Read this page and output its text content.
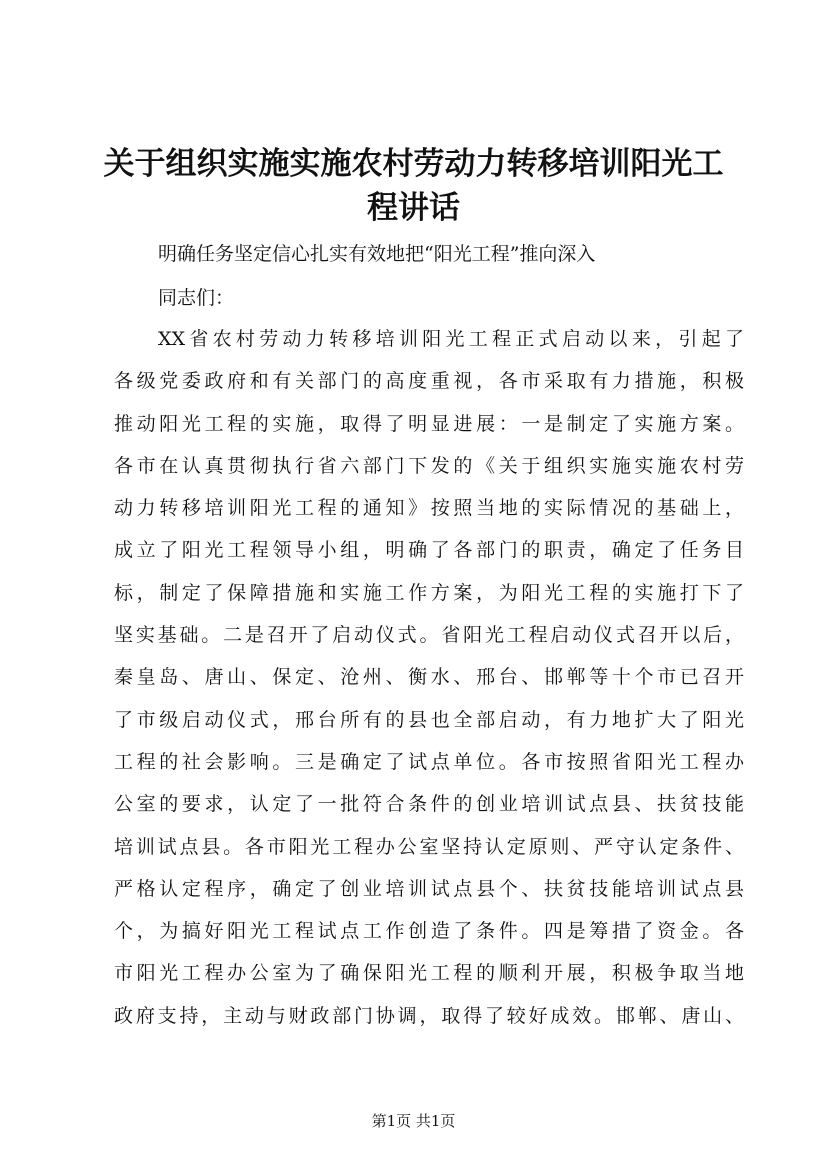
关于组织实施实施农村劳动力转移培训阳光工程讲话

明确任务坚定信心扎实有效地把“阳光工程”推向深入

同志们：

XX省农村劳动力转移培训阳光工程正式启动以来，引起了
各级党委政府和有关部门的高度重视，各市采取有力措施，积极
推动阳光工程的实施，取得了明显进展：一是制定了实施方案。
各市在认真贯彻执行省六部门下发的《关于组织实施实施农村劳
动力转移培训阳光工程的通知》按照当地的实际情况的基础上，
成立了阳光工程领导小组，明确了各部门的职责，确定了任务目
标，制定了保障措施和实施工作方案，为阳光工程的实施打下了
坚实基础。二是召开了启动仪式。省阳光工程启动仪式召开以后，
秦皇岛、唐山、保定、沧州、衡水、邢台、邯郸等十个市已召开
了市级启动仪式，邢台所有的县也全部启动，有力地扩大了阳光
工程的社会影响。三是确定了试点单位。各市按照省阳光工程办
公室的要求，认定了一批符合条件的创业培训试点县、扶贫技能
培训试点县。各市阳光工程办公室坚持认定原则、严守认定条件、
严格认定程序，确定了创业培训试点县个、扶贫技能培训试点县
个，为搞好阳光工程试点工作创造了条件。四是筹措了资金。各
市阳光工程办公室为了确保阳光工程的顺利开展，积极争取当地
政府支持，主动与财政部门协调，取得了较好成效。邯郸、唐山、

第1页 共1页
